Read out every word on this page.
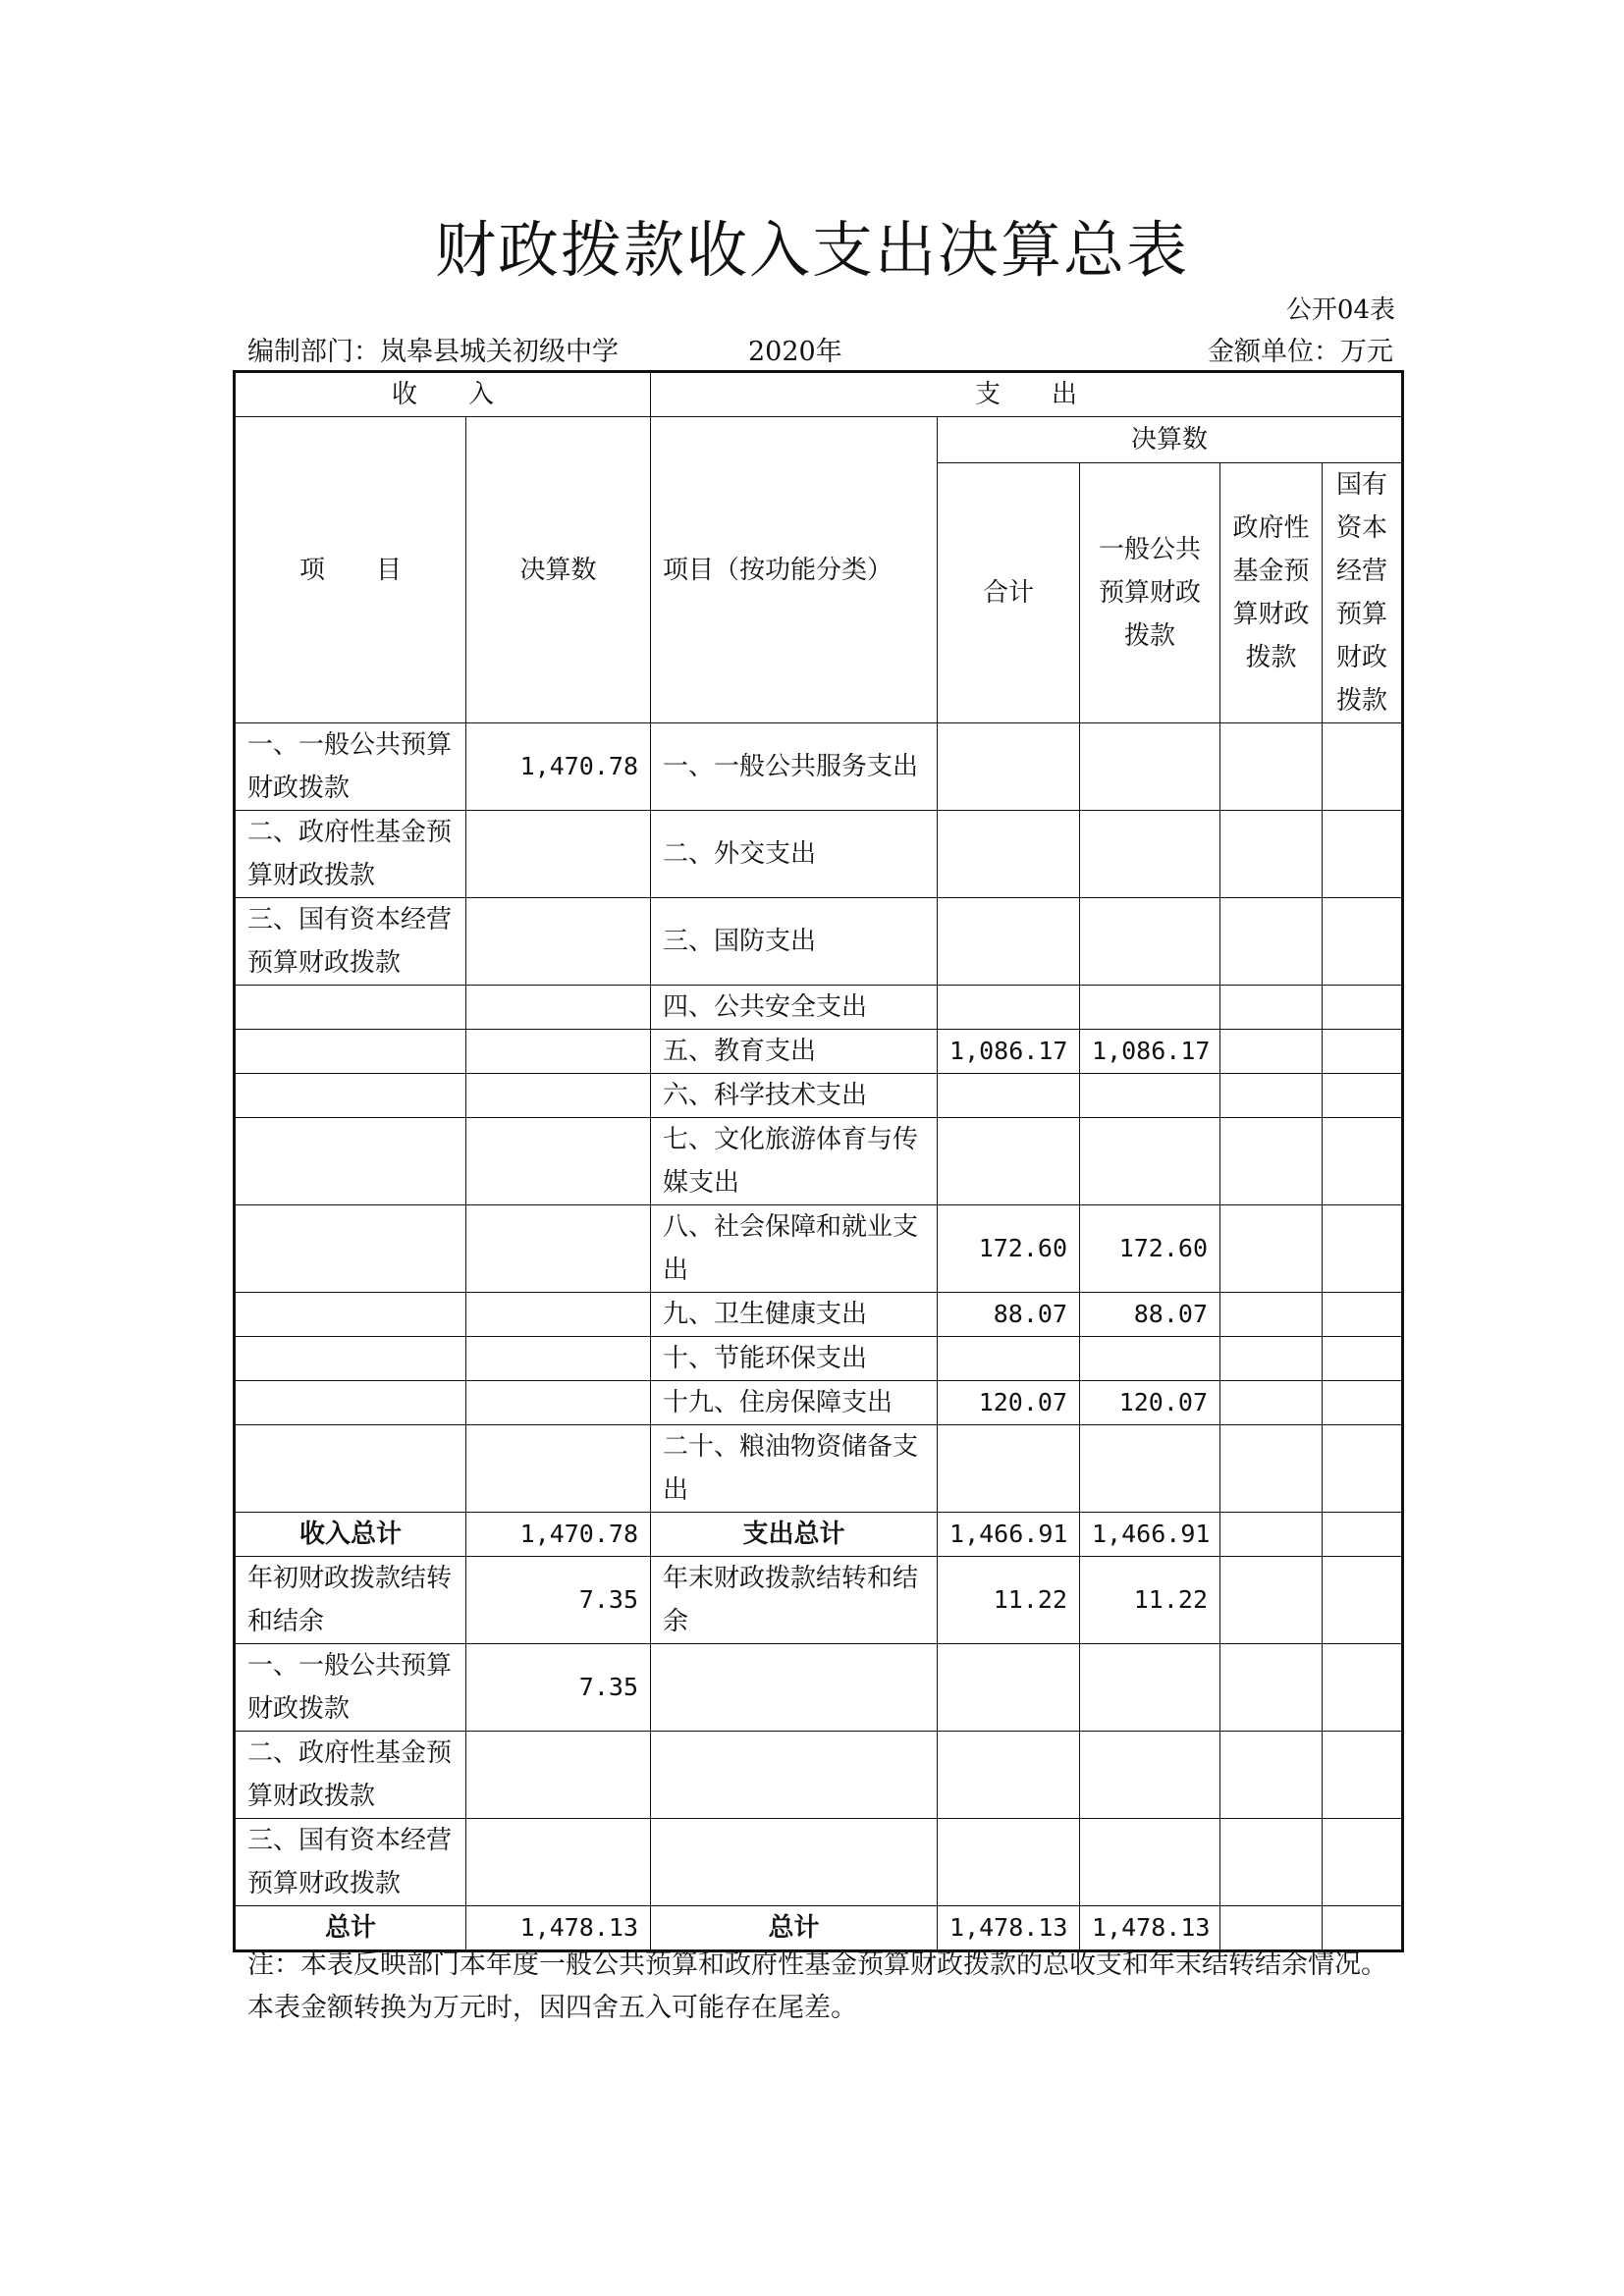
财政拨款收入支出决算总表
公开04表
编制部门：岚皋县城关初级中学	2020年	金额单位：万元
收　　入		支　　出				
项　　目	决算数	项目（按功能分类）	决算数			
			合计	一般公共预算财政拨款	政府性基金预算财政拨款	国有资本经营预算财政拨款
一、一般公共预算财政拨款	1,470.78	一、一般公共服务支出				
二、政府性基金预算财政拨款		二、外交支出				
三、国有资本经营预算财政拨款		三、国防支出				
		四、公共安全支出				
		五、教育支出	1,086.17	1,086.17		
		六、科学技术支出				
		七、文化旅游体育与传媒支出				
		八、社会保障和就业支出	172.60	172.60		
		九、卫生健康支出	88.07	88.07		
		十、节能环保支出				
		十九、住房保障支出	120.07	120.07		
		二十、粮油物资储备支出				
收入总计	1,470.78	支出总计	1,466.91	1,466.91		
年初财政拨款结转和结余	7.35	年末财政拨款结转和结余	11.22	11.22		
一、一般公共预算财政拨款	7.35					
二、政府性基金预算财政拨款						
三、国有资本经营预算财政拨款						
总计	1,478.13	总计	1,478.13	1,478.13		
注：本表反映部门本年度一般公共预算和政府性基金预算财政拨款的总收支和年末结转结余情况。本表金额转换为万元时，因四舍五入可能存在尾差。
